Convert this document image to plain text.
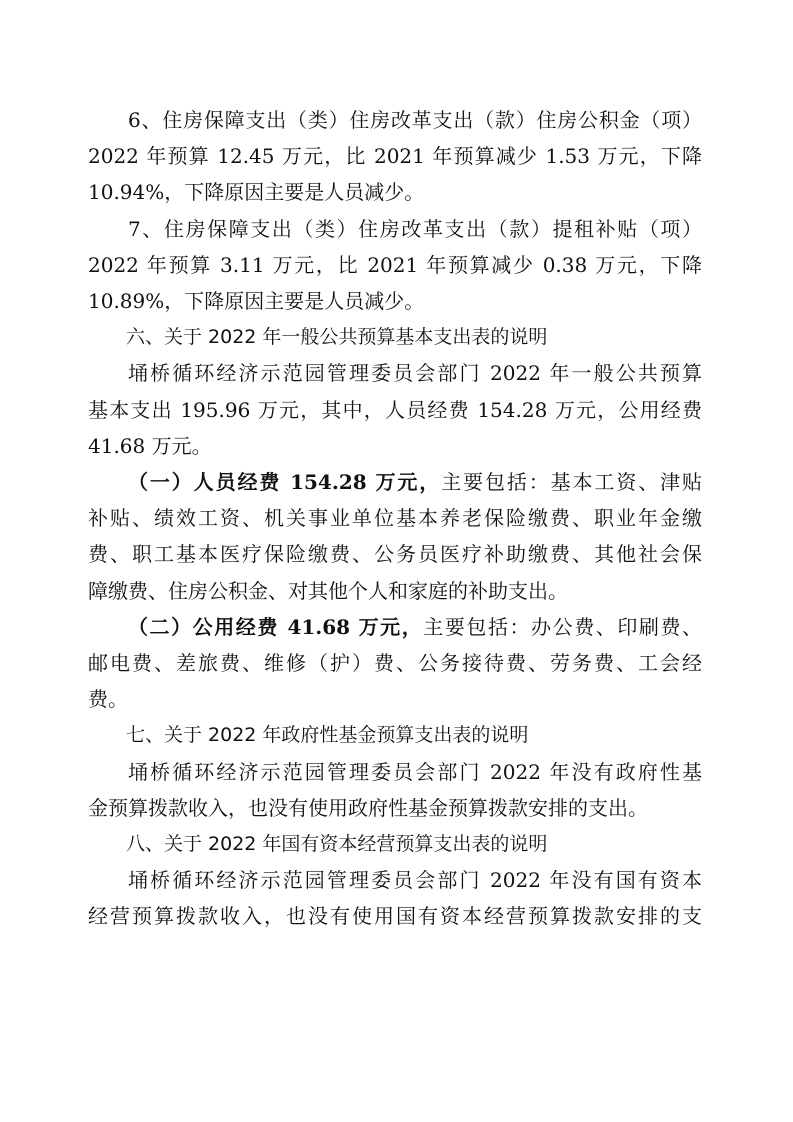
6、住房保障支出（类）住房改革支出（款）住房公积金（项）
2022 年预算 12.45 万元，比 2021 年预算减少 1.53 万元，下降
10.94%，下降原因主要是人员减少。

7、住房保障支出（类）住房改革支出（款）提租补贴（项）
2022 年预算 3.11 万元，比 2021 年预算减少 0.38 万元，下降
10.89%，下降原因主要是人员减少。

六、关于 2022 年一般公共预算基本支出表的说明

埇桥循环经济示范园管理委员会部门 2022 年一般公共预算
基本支出 195.96 万元，其中，人员经费 154.28 万元，公用经费
41.68 万元。

（一）人员经费 154.28 万元，主要包括：基本工资、津贴
补贴、绩效工资、机关事业单位基本养老保险缴费、职业年金缴
费、职工基本医疗保险缴费、公务员医疗补助缴费、其他社会保
障缴费、住房公积金、对其他个人和家庭的补助支出。

（二）公用经费 41.68 万元，主要包括：办公费、印刷费、
邮电费、差旅费、维修（护）费、公务接待费、劳务费、工会经
费。

七、关于 2022 年政府性基金预算支出表的说明

埇桥循环经济示范园管理委员会部门 2022 年没有政府性基
金预算拨款收入，也没有使用政府性基金预算拨款安排的支出。

八、关于 2022 年国有资本经营预算支出表的说明

埇桥循环经济示范园管理委员会部门 2022 年没有国有资本
经营预算拨款收入，也没有使用国有资本经营预算拨款安排的支
